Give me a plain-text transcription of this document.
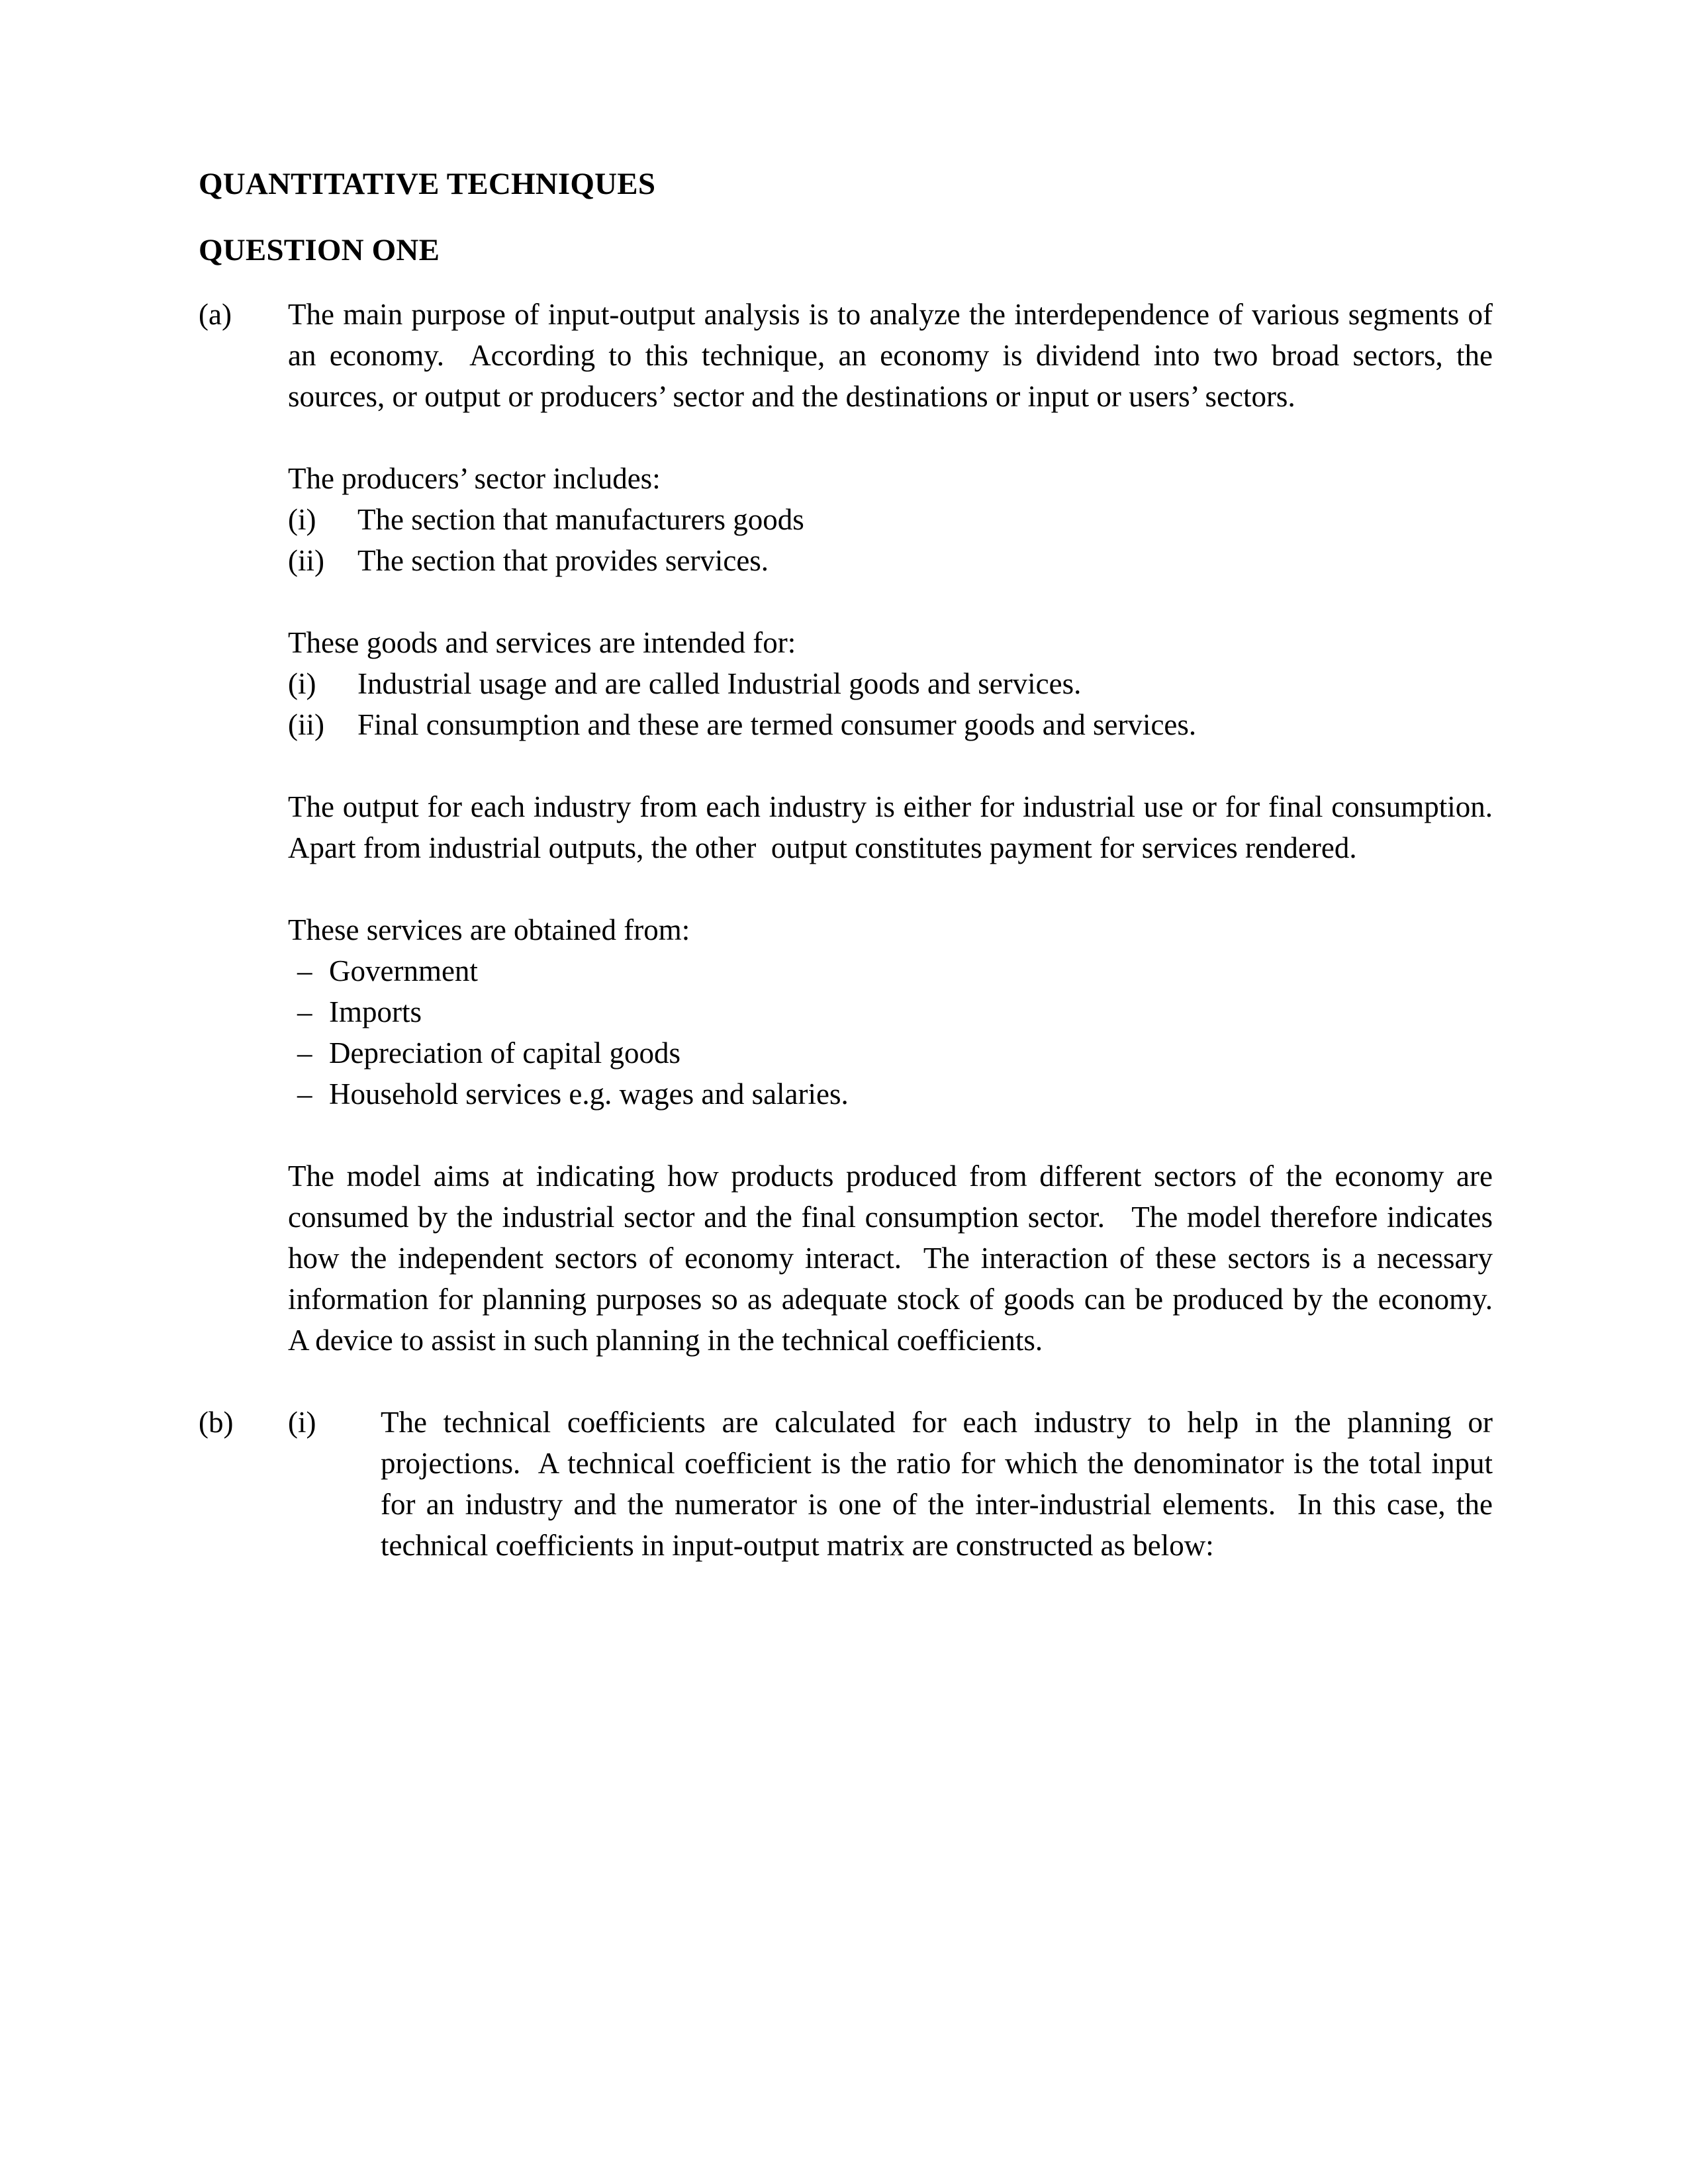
QUANTITATIVE TECHNIQUES
QUESTION ONE
(a)	The main purpose of input-output analysis is to analyze the interdependence of various segments of an economy.  According to this technique, an economy is dividend into two broad sectors, the sources, or output or producers’ sector and the destinations or input or users’ sectors.

The producers’ sector includes:

(i)	The section that manufacturers goods
(ii)	The section that provides services.

These goods and services are intended for:

(i)	Industrial usage and are called Industrial goods and services.
(ii)	Final consumption and these are termed consumer goods and services.

The output for each industry from each industry is either for industrial use or for final consumption.  Apart from industrial outputs, the other  output constitutes payment for services rendered.

These services are obtained from:

– Government
– Imports
– Depreciation of capital goods
– Household services e.g. wages and salaries.

The model aims at indicating how products produced from different sectors of the economy are consumed by the industrial sector and the final consumption sector.   The model therefore indicates how the independent sectors of economy interact.  The interaction of these sectors is a necessary information for planning purposes so as adequate stock of goods can be produced by the economy.  A device to assist in such planning in the technical coefficients.

(b)	(i)	The technical coefficients are calculated for each industry to help in the planning or projections.  A technical coefficient is the ratio for which the denominator is the total input for an industry and the numerator is one of the inter-industrial elements.  In this case, the technical coefficients in input-output matrix are constructed as below:
